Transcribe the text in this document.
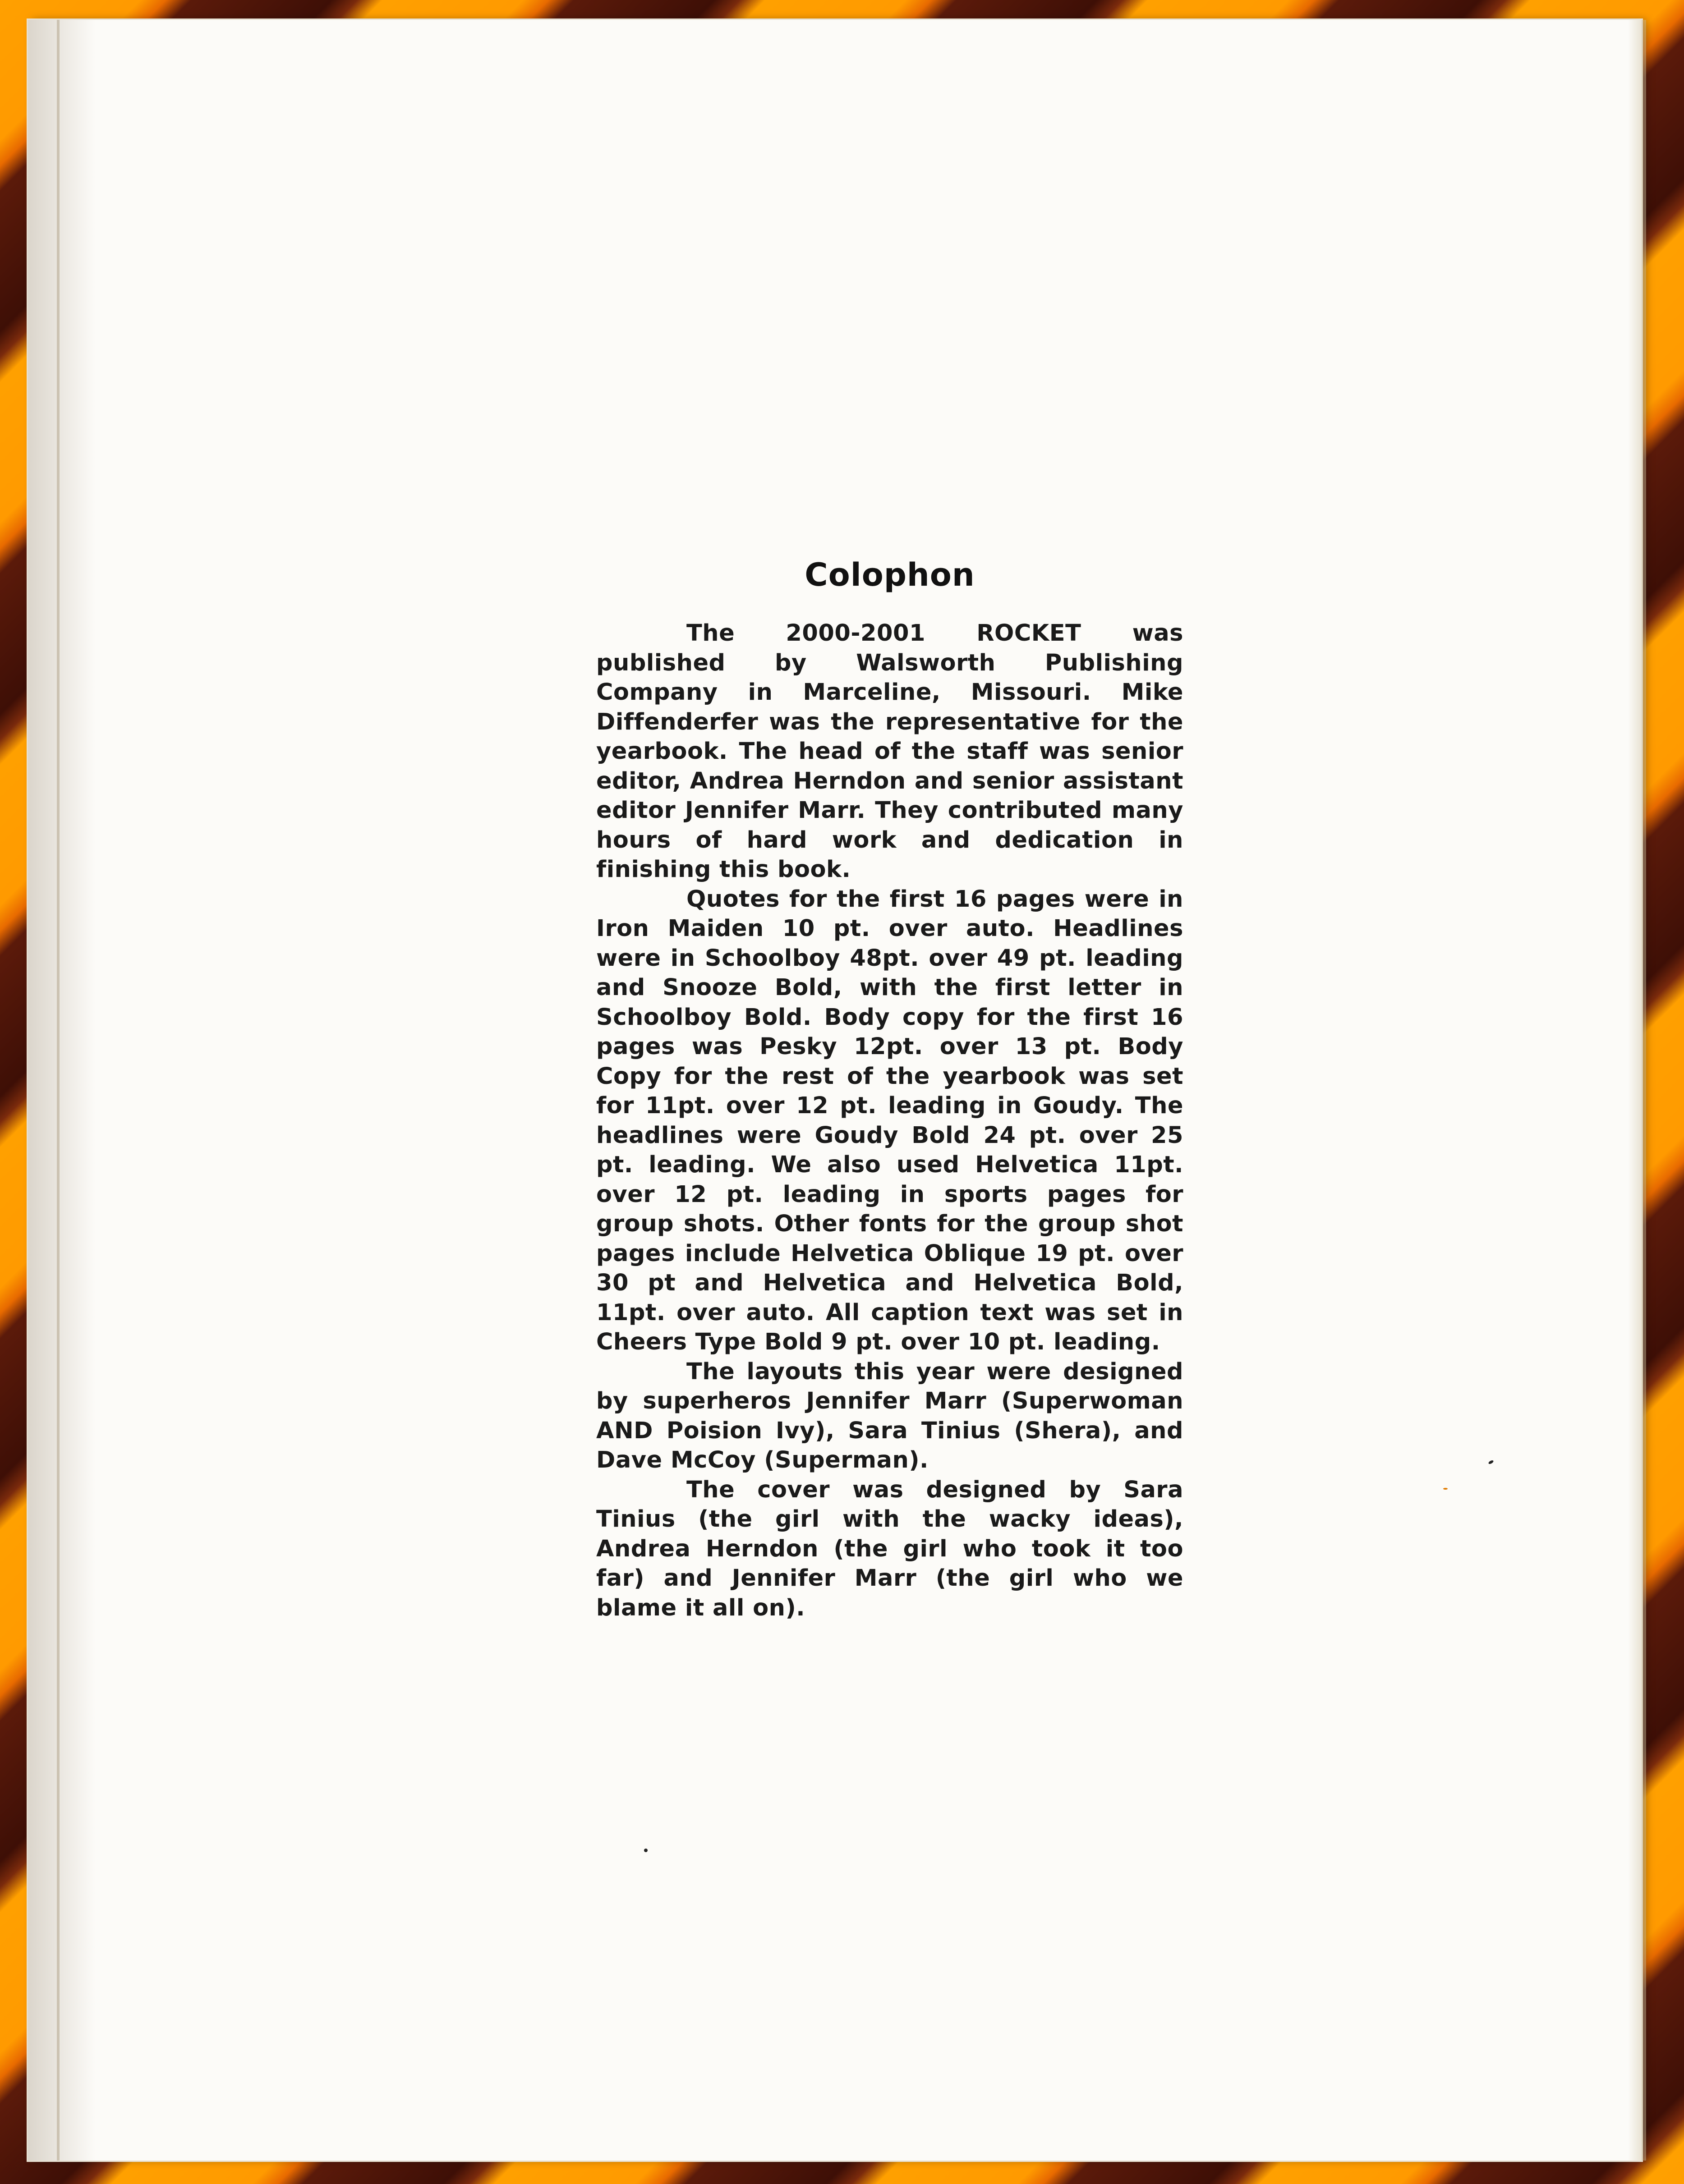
Colophon

The 2000-2001 ROCKET was published by Walsworth Publishing Company in Marceline, Missouri. Mike Diffenderfer was the representative for the yearbook. The head of the staff was senior editor, Andrea Herndon and senior assistant editor Jennifer Marr. They contributed many hours of hard work and dedication in finishing this book.

Quotes for the first 16 pages were in Iron Maiden 10 pt. over auto. Headlines were in Schoolboy 48pt. over 49 pt. leading and Snooze Bold, with the first letter in Schoolboy Bold. Body copy for the first 16 pages was Pesky 12pt. over 13 pt. Body Copy for the rest of the yearbook was set for 11pt. over 12 pt. leading in Goudy. The headlines were Goudy Bold 24 pt. over 25 pt. leading. We also used Helvetica 11pt. over 12 pt. leading in sports pages for group shots. Other fonts for the group shot pages include Helvetica Oblique 19 pt. over 30 pt and Helvetica and Helvetica Bold, 11pt. over auto. All caption text was set in Cheers Type Bold 9 pt. over 10 pt. leading.

The layouts this year were designed by superheros Jennifer Marr (Superwoman AND Poision Ivy), Sara Tinius (Shera), and Dave McCoy (Superman).

The cover was designed by Sara Tinius (the girl with the wacky ideas), Andrea Herndon (the girl who took it too far) and Jennifer Marr (the girl who we blame it all on).
